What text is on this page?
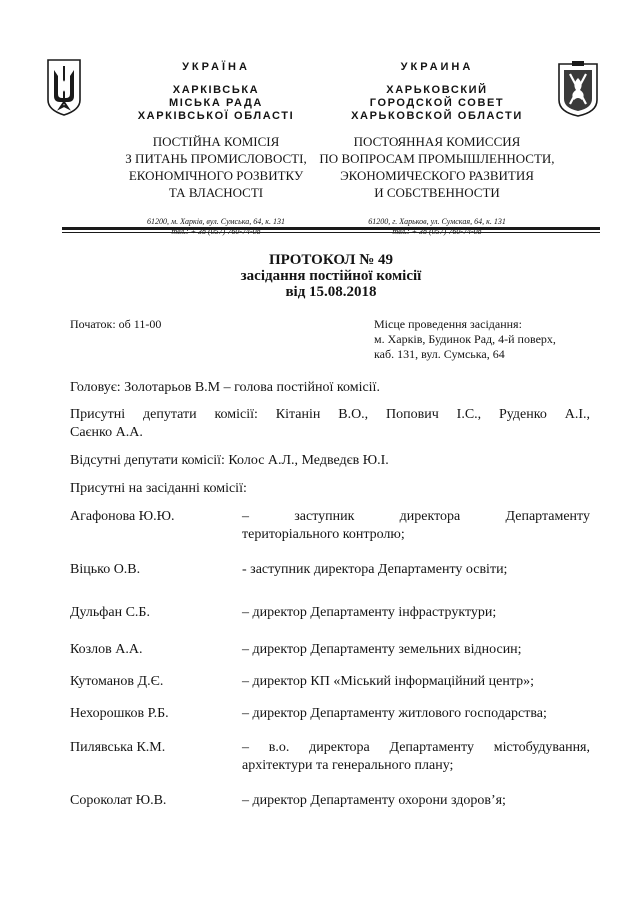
УКРАЇНА
ХАРКІВСЬКА
МІСЬКА РАДА
ХАРКІВСЬКОЇ ОБЛАСТІ
ПОСТІЙНА КОМІСІЯ
З ПИТАНЬ ПРОМИСЛОВОСТІ,
ЕКОНОМІЧНОГО РОЗВИТКУ
ТА ВЛАСНОСТІ
61200, м. Харків, вул. Сумська, 64, к. 131
УКРАИНА
ХАРЬКОВСКИЙ
ГОРОДСКОЙ СОВЕТ
ХАРЬКОВСКОЙ ОБЛАСТИ
ПОСТОЯННАЯ КОМИССИЯ
ПО ВОПРОСАМ ПРОМЫШЛЕННОСТИ,
ЭКОНОМИЧЕСКОГО РАЗВИТИЯ
И СОБСТВЕННОСТИ
61200, г. Харьков, ул. Сумская, 64, к. 131
ПРОТОКОЛ № 49
засідання постійної комісії
від 15.08.2018
Початок: об 11-00	Місце проведення засідання:
м. Харків, Будинок Рад, 4-й поверх,
каб. 131, вул. Сумська, 64
Головує: Золотарьов В.М – голова постійної комісії.
Присутні депутати комісії: Кітанін В.О., Попович І.С., Руденко А.І.,
Саєнко А.А.
Відсутні депутати комісії: Колос А.Л., Медведєв Ю.І.
Присутні на засіданні комісії:
Агафонова Ю.Ю.	– заступник директора Департаменту
територіального контролю;
Віцько О.В.	- заступник директора Департаменту освіти;
Дульфан С.Б.	– директор Департаменту інфраструктури;
Козлов А.А.	– директор Департаменту земельних відносин;
Кутоманов Д.Є.	– директор КП «Міський інформаційний центр»;
Нехорошков Р.Б.	– директор Департаменту житлового господарства;
Пилявська К.М.	– в.о. директора Департаменту містобудування,
архітектури та генерального плану;
Сороколат Ю.В.	– директор Департаменту охорони здоров’я;
